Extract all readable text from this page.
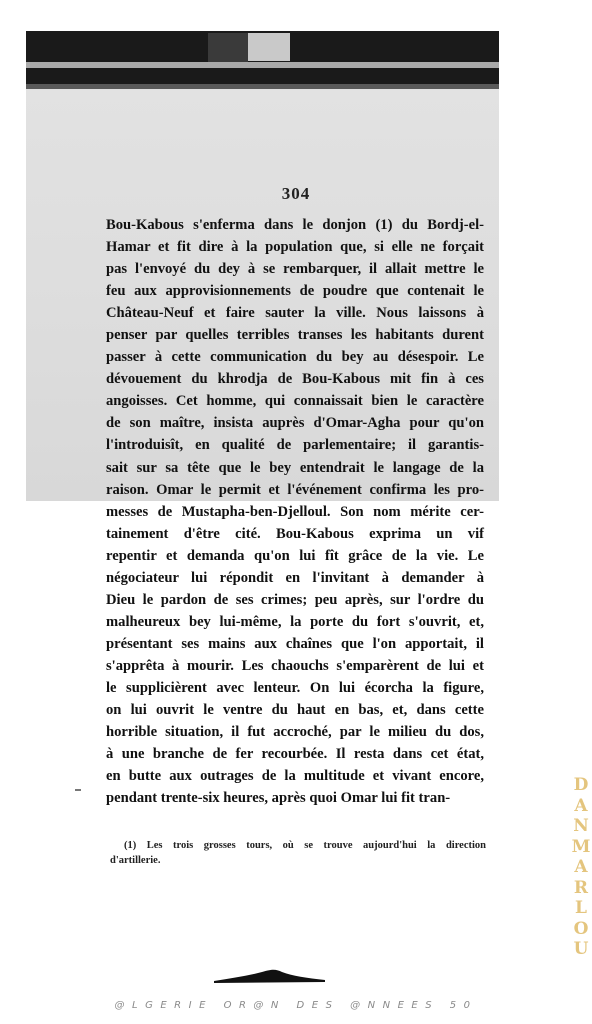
304
Bou-Kabous s'enferma dans le donjon (1) du Bordj-el-
Hamar et fit dire à la population que, si elle ne forçait
pas l'envoyé du dey à se rembarquer, il allait mettre le
feu aux approvisionnements de poudre que contenait le
Château-Neuf et faire sauter la ville. Nous laissons à
penser par quelles terribles transes les habitants durent
passer à cette communication du bey au désespoir. Le
dévouement du khrodja de Bou-Kabous mit fin à ces
angoisses. Cet homme, qui connaissait bien le caractère
de son maître, insista auprès d'Omar-Agha pour qu'on
l'introduisît, en qualité de parlementaire; il garantis-
sait sur sa tête que le bey entendrait le langage de la
raison. Omar le permit et l'événement confirma les pro-
messes de Mustapha-ben-Djelloul. Son nom mérite cer-
tainement d'être cité. Bou-Kabous exprima un vif
repentir et demanda qu'on lui fît grâce de la vie. Le
négociateur lui répondit en l'invitant à demander à
Dieu le pardon de ses crimes; peu après, sur l'ordre du
malheureux bey lui-même, la porte du fort s'ouvrit, et,
présentant ses mains aux chaînes que l'on apportait, il
s'apprêta à mourir. Les chaouchs s'emparèrent de lui et
le supplicièrent avec lenteur. On lui écorcha la figure,
on lui ouvrit le ventre du haut en bas, et, dans cette
horrible situation, il fut accroché, par le milieu du dos,
à une branche de fer recourbée. Il resta dans cet état,
en butte aux outrages de la multitude et vivant encore,
pendant trente-six heures, après quoi Omar lui fit tran-
(1) Les trois grosses tours, où se trouve aujourd'hui la direction
d'artillerie.
@LGERIE OR@N DES @NNEES 50
D
A
N
M
A
R
L
O
U
